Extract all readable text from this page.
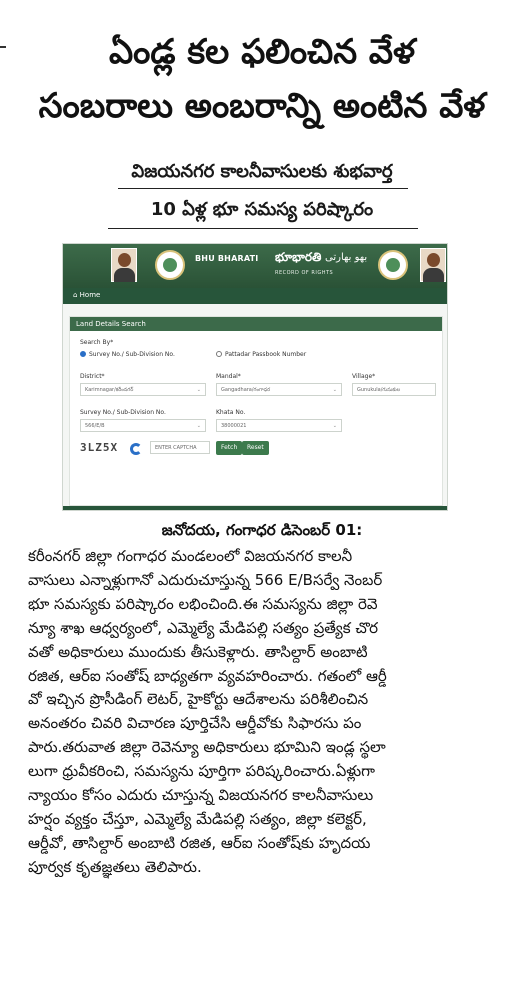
ఏండ్ల కల ఫలించిన వేళ
సంబరాలు అంబరాన్ని అంటిన వేళ
విజయనగర కాలనీవాసులకు శుభవార్త
10 ఏళ్ల భూ సమస్య పరిష్కారం
BHU BHARATI భూభారతి بھو بھارتی
RECORD OF RIGHTS
⌂ Home
Land Details Search
Search By*
Survey No./ Sub-Division No.	Pattadar Passbook Number
District*
Karimnagar/కరీంనగర్	⌄
Mandal*
Gangadhara/గంగాధర	⌄
Village*
Gunukula/గునుకుల
Survey No./ Sub-Division No.
566/E/B	⌄
Khata No.
38000021	⌄
3LZ5X	ENTER CAPTCHA	Fetch	Reset
జనోదయ, గంగాధర డిసెంబర్ 01:
కరీంనగర్ జిల్లా గంగాధర మండలంలో విజయనగర కాలనీ
వాసులు ఎన్నాళ్లుగానో ఎదురుచూస్తున్న 566 E/Bసర్వే నెంబర్
భూ సమస్యకు పరిష్కారం లభించింది.ఈ సమస్యను జిల్లా రెవె
న్యూ శాఖ ఆధ్వర్యంలో, ఎమ్మెల్యే మేడిపల్లి సత్యం ప్రత్యేక చొర
వతో అధికారులు ముందుకు తీసుకెళ్లారు. తాసిల్దార్ అంబాటి
రజిత, ఆర్ఐ సంతోష్ బాధ్యతగా వ్యవహరించారు. గతంలో ఆర్డీ
వో ఇచ్చిన ప్రొసీడింగ్ లెటర్, హైకోర్టు ఆదేశాలను పరిశీలించిన
అనంతరం చివరి విచారణ పూర్తిచేసి ఆర్డీవోకు సిఫారసు పం
పారు.తరువాత జిల్లా రెవెన్యూ అధికారులు భూమిని ఇండ్ల స్థలా
లుగా ధ్రువీకరించి, సమస్యను పూర్తిగా పరిష్కరించారు.ఏళ్లుగా
న్యాయం కోసం ఎదురు చూస్తున్న విజయనగర కాలనీవాసులు
హర్షం వ్యక్తం చేస్తూ, ఎమ్మెల్యే మేడిపల్లి సత్యం, జిల్లా కలెక్టర్,
ఆర్డీవో, తాసిల్దార్ అంబాటి రజిత, ఆర్ఐ సంతోష్‌కు హృదయ
పూర్వక కృతజ్ఞతలు తెలిపారు.
